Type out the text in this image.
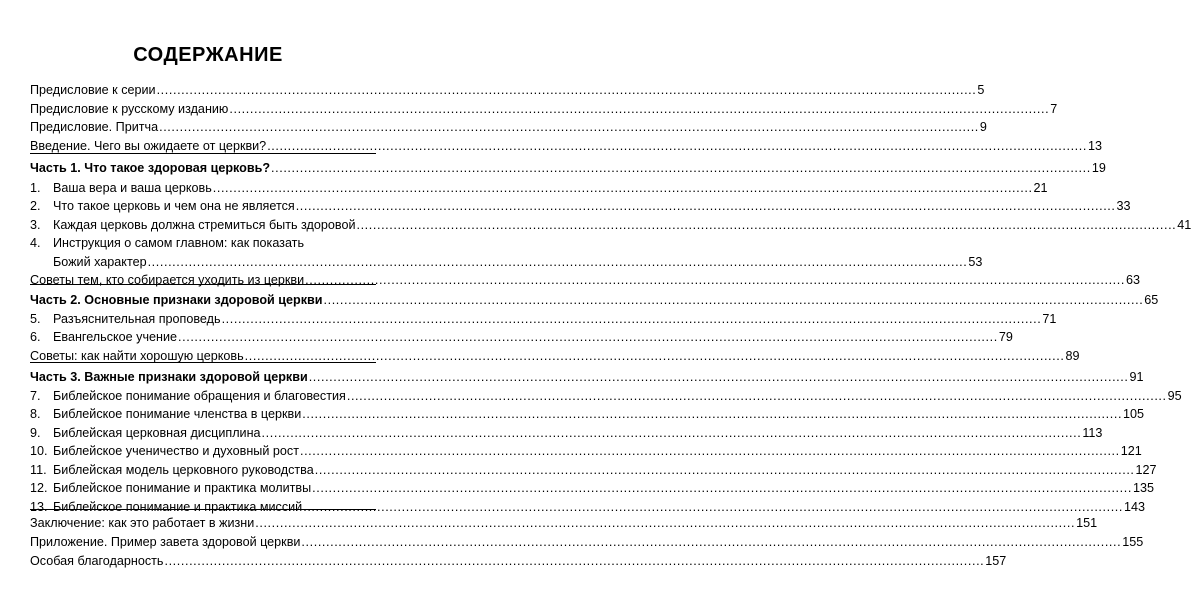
СОДЕРЖАНИЕ
Предисловие к серии ........................................................................................................................................................................................................ 5
Предисловие к русскому изданию ........................................................................................................................................................................................................ 7
Предисловие. Притча ........................................................................................................................................................................................................ 9
Введение. Чего вы ожидаете от церкви? ........................................................................................................................................................................................................ 13
Часть 1. Что такое здоровая церковь? ........................................................................................................................................................................................................ 19
1. Ваша вера и ваша церковь ........................................................................................................................................................................................................ 21
2. Что такое церковь и чем она не является ........................................................................................................................................................................................................ 33
3. Каждая церковь должна стремиться быть здоровой ........................................................................................................................................................................................................ 41
4. Инструкция о самом главном: как показать
Божий характер ........................................................................................................................................................................................................ 53
Советы тем, кто собирается уходить из церкви ........................................................................................................................................................................................................ 63
Часть 2. Основные признаки здоровой церкви ........................................................................................................................................................................................................ 65
5. Разъяснительная проповедь ........................................................................................................................................................................................................ 71
6. Евангельское учение ........................................................................................................................................................................................................ 79
Советы: как найти хорошую церковь ........................................................................................................................................................................................................ 89
Часть 3. Важные признаки здоровой церкви ........................................................................................................................................................................................................ 91
7. Библейское понимание обращения и благовестия ........................................................................................................................................................................................................ 95
8. Библейское понимание членства в церкви ........................................................................................................................................................................................................ 105
9. Библейская церковная дисциплина ........................................................................................................................................................................................................ 113
10. Библейское ученичество и духовный рост ........................................................................................................................................................................................................ 121
11. Библейская модель церковного руководства ........................................................................................................................................................................................................ 127
12. Библейское понимание и практика молитвы ........................................................................................................................................................................................................ 135
13. Библейское понимание и практика миссий ........................................................................................................................................................................................................ 143
Заключение: как это работает в жизни ........................................................................................................................................................................................................ 151
Приложение. Пример завета здоровой церкви ........................................................................................................................................................................................................ 155
Особая благодарность ........................................................................................................................................................................................................ 157
